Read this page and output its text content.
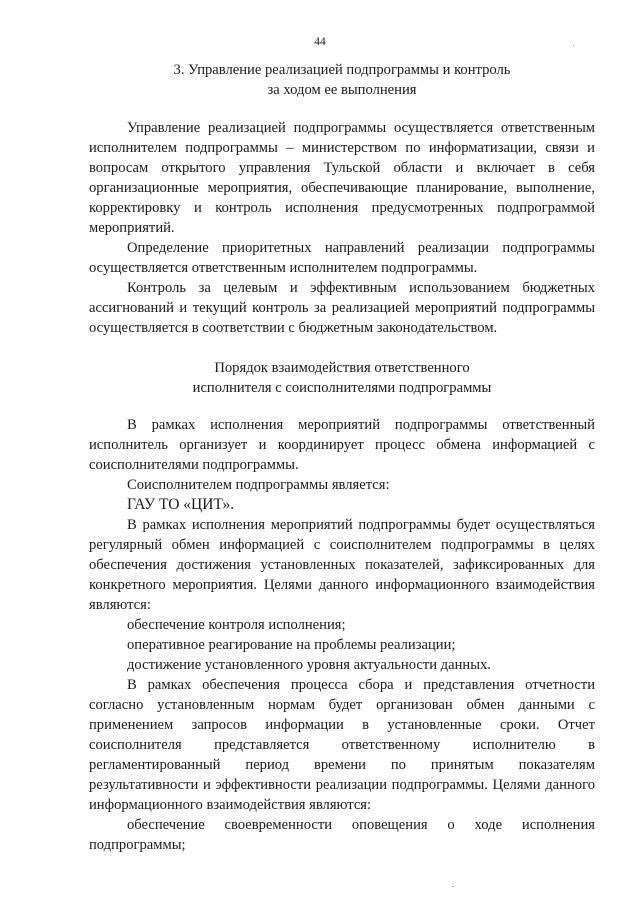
44
3. Управление реализацией подпрограммы и контроль
за ходом ее выполнения

Управление реализацией подпрограммы осуществляется ответственным исполнителем подпрограммы – министерством по информатизации, связи и вопросам открытого управления Тульской области и включает в себя организационные мероприятия, обеспечивающие планирование, выполнение, корректировку и контроль исполнения предусмотренных подпрограммой мероприятий.

Определение приоритетных направлений реализации подпрограммы осуществляется ответственным исполнителем подпрограммы.

Контроль за целевым и эффективным использованием бюджетных ассигнований и текущий контроль за реализацией мероприятий подпрограммы осуществляется в соответствии с бюджетным законодательством.

Порядок взаимодействия ответственного
исполнителя с соисполнителями подпрограммы

В рамках исполнения мероприятий подпрограммы ответственный исполнитель организует и координирует процесс обмена информацией с соисполнителями подпрограммы.

Соисполнителем подпрограммы является:

ГАУ ТО «ЦИТ».

В рамках исполнения мероприятий подпрограммы будет осуществляться регулярный обмен информацией с соисполнителем подпрограммы в целях обеспечения достижения установленных показателей, зафиксированных для конкретного мероприятия. Целями данного информационного взаимодействия являются:

обеспечение контроля исполнения;

оперативное реагирование на проблемы реализации;

достижение установленного уровня актуальности данных.

В рамках обеспечения процесса сбора и представления отчетности согласно установленным нормам будет организован обмен данными с применением запросов информации в установленные сроки. Отчет соисполнителя представляется ответственному исполнителю в регламентированный период времени по принятым показателям результативности и эффективности реализации подпрограммы. Целями данного информационного взаимодействия являются:

обеспечение своевременности оповещения о ходе исполнения подпрограммы;
